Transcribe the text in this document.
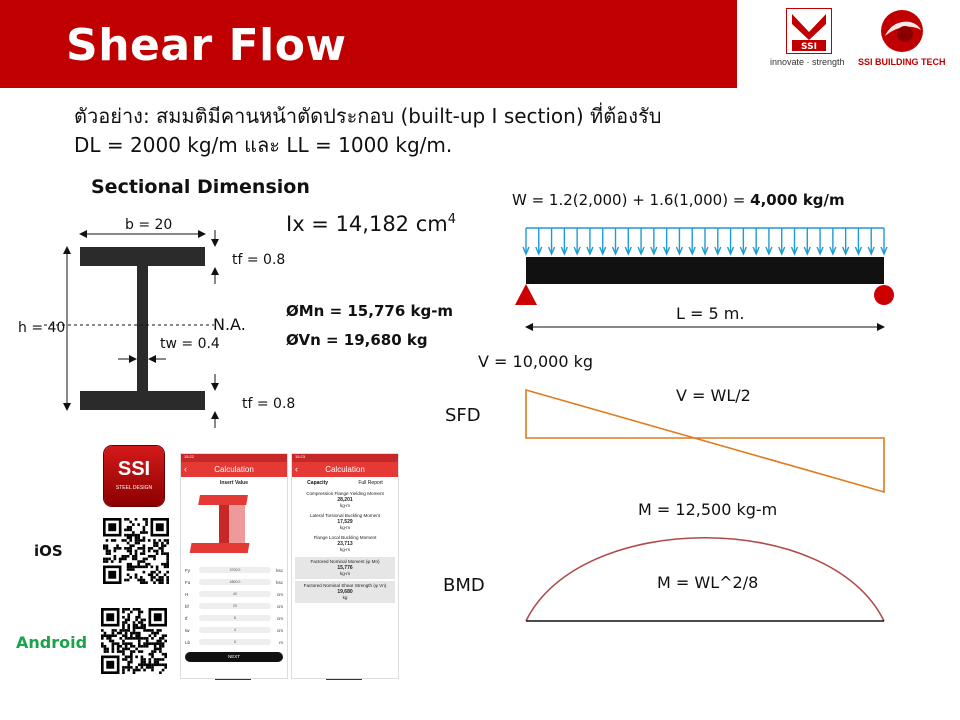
Shear Flow	SSI
innovate · strength SSI BUILDING TECH
ตัวอย่าง: สมมติมีคานหน้าตัดประกอบ (built-up I section) ที่ต้องรับ
DL = 2000 kg/m และ LL = 1000 kg/m.
Sectional Dimension
Ix = 14,182 $cm^4$
b = 20
h = 40
tf = 0.8
tf = 0.8
tw = 0.4
N.A.
ØMn = 15,776 kg-m
ØVn = 19,680 kg
W = 1.2(2,000) + 1.6(1,000) = 4,000 kg/m
L = 5 m.
V = 10,000 kg
V = WL/2
SFD
M = 12,500 kg-m
M = WL^2/8
BMD
SSI
STEEL DESIGN
iOS
Android
15:22
‹	Calculation
Insert Value
Fy	3700.0	ksc
Fu	4800.0	ksc
H	40	cm
bf	20	cm
tf	8	cm
tw	4	cm
Lb	5	m
NEXT
15:23
‹	Calculation
Capacity	Full Report
Compression Flange Yielding Moment
28,201
kg-m
Lateral Torsional Buckling Moment
17,529
kg-m
Flange Local Buckling Moment
23,713
kg-m
Factored Nominal Moment (φ Mn)
15,776
kg-m
Factored Nominal Shear Strength (φ Vn)
19,680
kg
